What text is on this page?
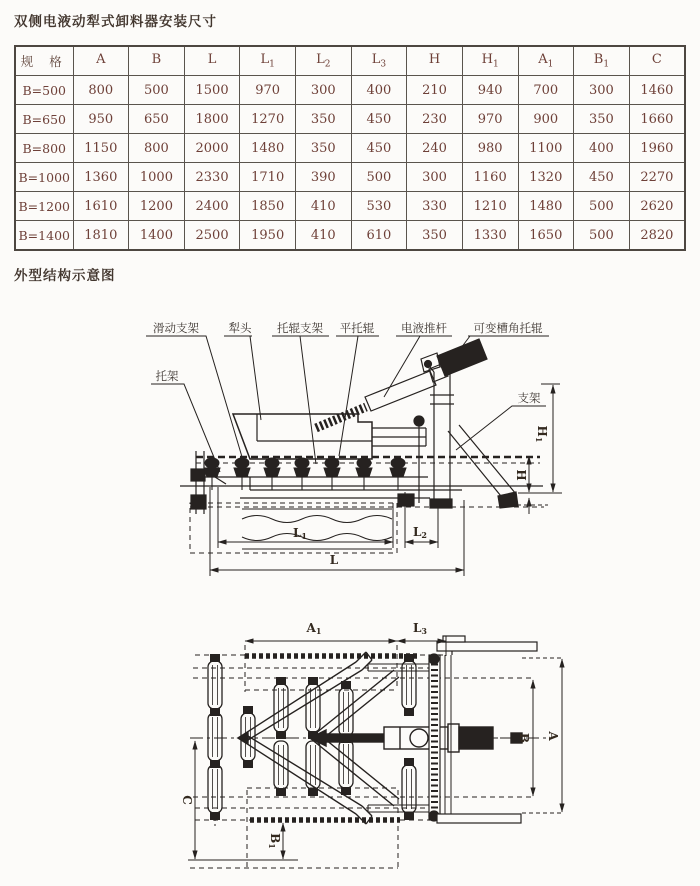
双侧电液动犁式卸料器安装尺寸
规 格	A	B	L	$L_1$	$L_2$	$L_3$	H	$H_1$	$A_1$	$B_1$	C
B=500	800	500	1500	970	300	400	210	940	700	300	1460
B=650	950	650	1800	1270	350	450	230	970	900	350	1660
B=800	1150	800	2000	1480	350	450	240	980	1100	400	1960
B=1000	1360	1000	2330	1710	390	500	300	1160	1320	450	2270
B=1200	1610	1200	2400	1850	410	530	330	1210	1480	500	2620
B=1400	1810	1400	2500	1950	410	610	350	1330	1650	500	2820
外型结构示意图
滑动支架	犁头 托辊支架 平托辊 电液推杆 可变槽角托辊
托架
支架
L1	L2
L
H
H1
A1	L3
C
B1
B A
